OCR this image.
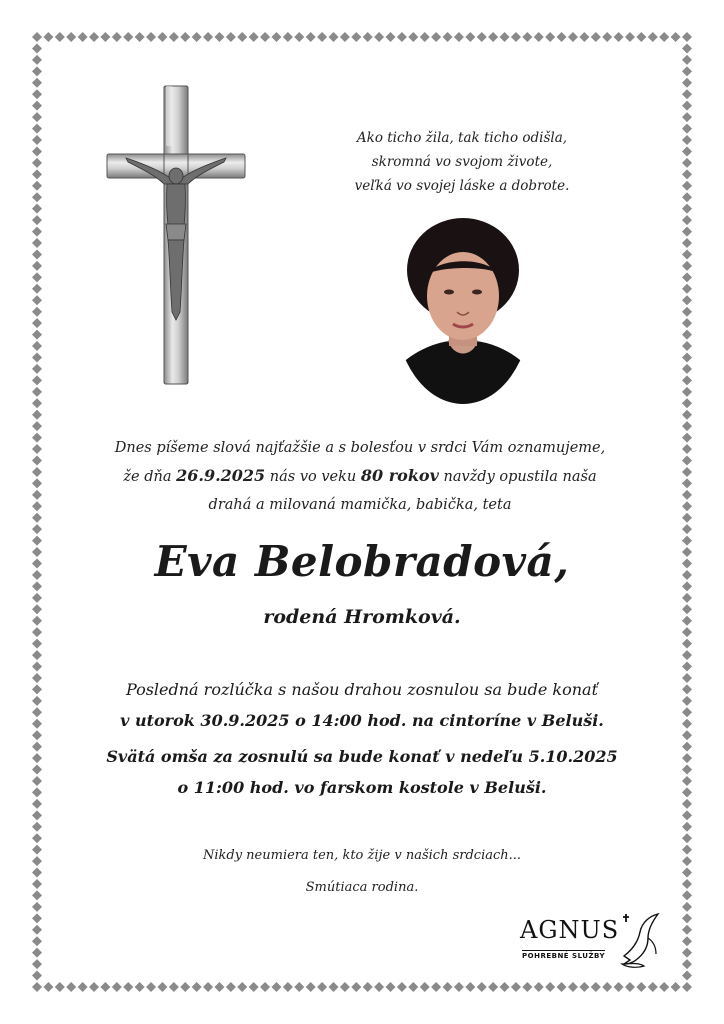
Ako ticho žila, tak ticho odišla,
skromná vo svojom živote,
veľká vo svojej láske a dobrote.
Dnes píšeme slová najťažšie a s bolesťou v srdci Vám oznamujeme,
že dňa 26.9.2025 nás vo veku 80 rokov navždy opustila naša
drahá a milovaná mamička, babička, teta
Eva Belobradová,
rodená Hromková.
Posledná rozlúčka s našou drahou zosnulou sa bude konať
v utorok 30.9.2025 o 14:00 hod. na cintoríne v Beluši.
Svätá omša za zosnulú sa bude konať v nedeľu 5.10.2025
o 11:00 hod. vo farskom kostole v Beluši.
Nikdy neumiera ten, kto žije v našich srdciach...
Smútiaca rodina.
AGNUS
POHREBNÉ SLUŽBY
